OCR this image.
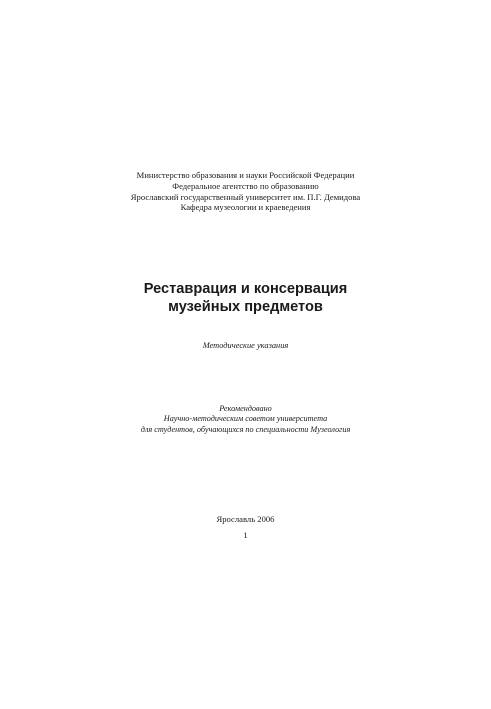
Министерство образования и науки Российской Федерации
Федеральное агентство по образованию
Ярославский государственный университет им. П.Г. Демидова
Кафедра музеологии и краеведения
Реставрация и консервация
музейных предметов
Методические указания
Рекомендовано
Научно-методическим советом университета
для студентов, обучающихся по специальности Музеология
Ярославль 2006
1
